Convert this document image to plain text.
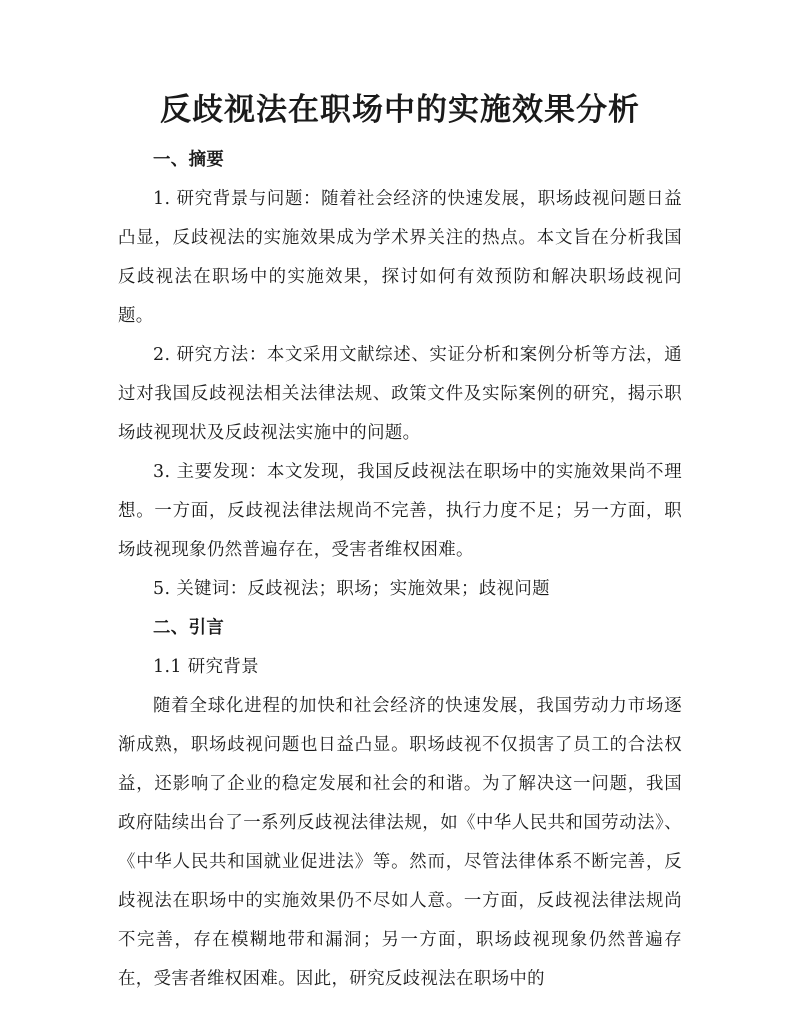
反歧视法在职场中的实施效果分析

一、摘要

1. 研究背景与问题：随着社会经济的快速发展，职场歧视问题日益凸显，反歧视法的实施效果成为学术界关注的热点。本文旨在分析我国反歧视法在职场中的实施效果，探讨如何有效预防和解决职场歧视问题。

2. 研究方法：本文采用文献综述、实证分析和案例分析等方法，通过对我国反歧视法相关法律法规、政策文件及实际案例的研究，揭示职场歧视现状及反歧视法实施中的问题。

3. 主要发现：本文发现，我国反歧视法在职场中的实施效果尚不理想。一方面，反歧视法律法规尚不完善，执行力度不足；另一方面，职场歧视现象仍然普遍存在，受害者维权困难。

5. 关键词：反歧视法；职场；实施效果；歧视问题

二、引言

1.1 研究背景

随着全球化进程的加快和社会经济的快速发展，我国劳动力市场逐渐成熟，职场歧视问题也日益凸显。职场歧视不仅损害了员工的合法权益，还影响了企业的稳定发展和社会的和谐。为了解决这一问题，我国政府陆续出台了一系列反歧视法律法规，如《中华人民共和国劳动法》、《中华人民共和国就业促进法》等。然而，尽管法律体系不断完善，反歧视法在职场中的实施效果仍不尽如人意。一方面，反歧视法律法规尚不完善，存在模糊地带和漏洞；另一方面，职场歧视现象仍然普遍存在，受害者维权困难。因此，研究反歧视法在职场中的
